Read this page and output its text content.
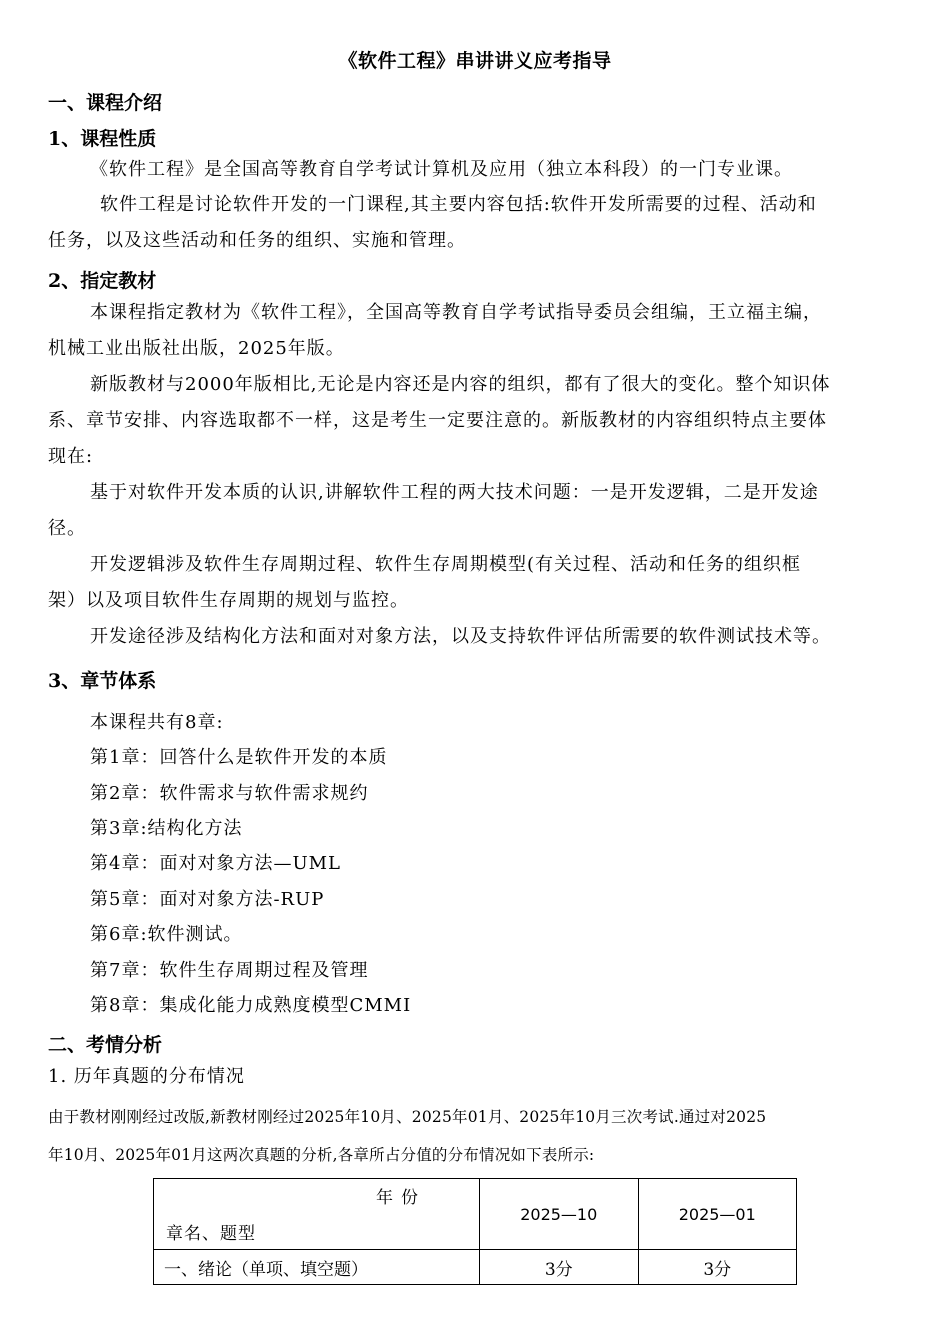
《软件工程》串讲讲义应考指导
一、课程介绍
1、课程性质
《软件工程》是全国高等教育自学考试计算机及应用（独立本科段）的一门专业课。
软件工程是讨论软件开发的一门课程,其主要内容包括:软件开发所需要的过程、活动和
任务，以及这些活动和任务的组织、实施和管理。
2、指定教材
本课程指定教材为《软件工程》，全国高等教育自学考试指导委员会组编，王立福主编，
机械工业出版社出版，2025年版。
新版教材与2000年版相比,无论是内容还是内容的组织，都有了很大的变化。整个知识体
系、章节安排、内容选取都不一样，这是考生一定要注意的。新版教材的内容组织特点主要体
现在:
基于对软件开发本质的认识,讲解软件工程的两大技术问题：一是开发逻辑，二是开发途
径。
开发逻辑涉及软件生存周期过程、软件生存周期模型(有关过程、活动和任务的组织框
架）以及项目软件生存周期的规划与监控。
开发途径涉及结构化方法和面对对象方法，以及支持软件评估所需要的软件测试技术等。
3、章节体系
本课程共有8章:
第1章：回答什么是软件开发的本质
第2章：软件需求与软件需求规约
第3章:结构化方法
第4章：面对对象方法—UML
第5章：面对对象方法-RUP
第6章:软件测试。
第7章：软件生存周期过程及管理
第8章：集成化能力成熟度模型CMMI
二、考情分析
1. 历年真题的分布情况
由于教材刚刚经过改版,新教材刚经过2025年10月、2025年01月、2025年10月三次考试.通过对2025
年10月、2025年01月这两次真题的分析,各章所占分值的分布情况如下表所示:
年份
章名、题型	2025—10	2025—01
一、绪论（单项、填空题）	3分	3分
